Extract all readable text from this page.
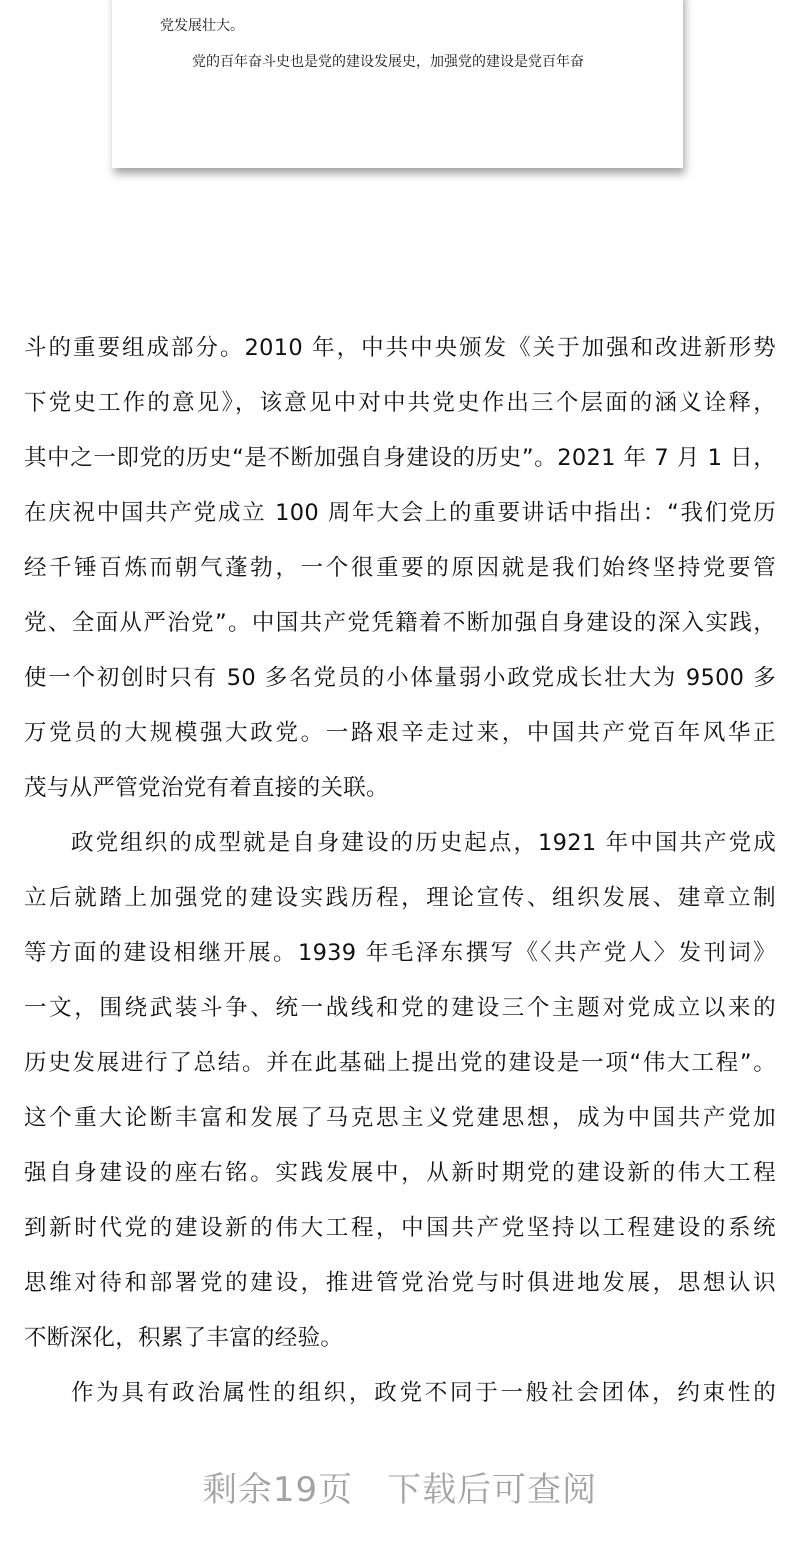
党发展壮大。
党的百年奋斗史也是党的建设发展史，加强党的建设是党百年奋
斗的重要组成部分。2010 年，中共中央颁发《关于加强和改进新形势
下党史工作的意见》，该意见中对中共党史作出三个层面的涵义诠释，
其中之一即党的历史“是不断加强自身建设的历史”。2021 年 7 月 1 日，
在庆祝中国共产党成立 100 周年大会上的重要讲话中指出：“我们党历
经千锤百炼而朝气蓬勃，一个很重要的原因就是我们始终坚持党要管
党、全面从严治党”。中国共产党凭籍着不断加强自身建设的深入实践，
使一个初创时只有 50 多名党员的小体量弱小政党成长壮大为 9500 多
万党员的大规模强大政党。一路艰辛走过来，中国共产党百年风华正
茂与从严管党治党有着直接的关联。
政党组织的成型就是自身建设的历史起点，1921 年中国共产党成
立后就踏上加强党的建设实践历程，理论宣传、组织发展、建章立制
等方面的建设相继开展。1939 年毛泽东撰写《〈共产党人〉发刊词》
一文，围绕武装斗争、统一战线和党的建设三个主题对党成立以来的
历史发展进行了总结。并在此基础上提出党的建设是一项“伟大工程”。
这个重大论断丰富和发展了马克思主义党建思想，成为中国共产党加
强自身建设的座右铭。实践发展中，从新时期党的建设新的伟大工程
到新时代党的建设新的伟大工程，中国共产党坚持以工程建设的系统
思维对待和部署党的建设，推进管党治党与时俱进地发展，思想认识
不断深化，积累了丰富的经验。
作为具有政治属性的组织，政党不同于一般社会团体，约束性的
剩余19页 下载后可查阅
